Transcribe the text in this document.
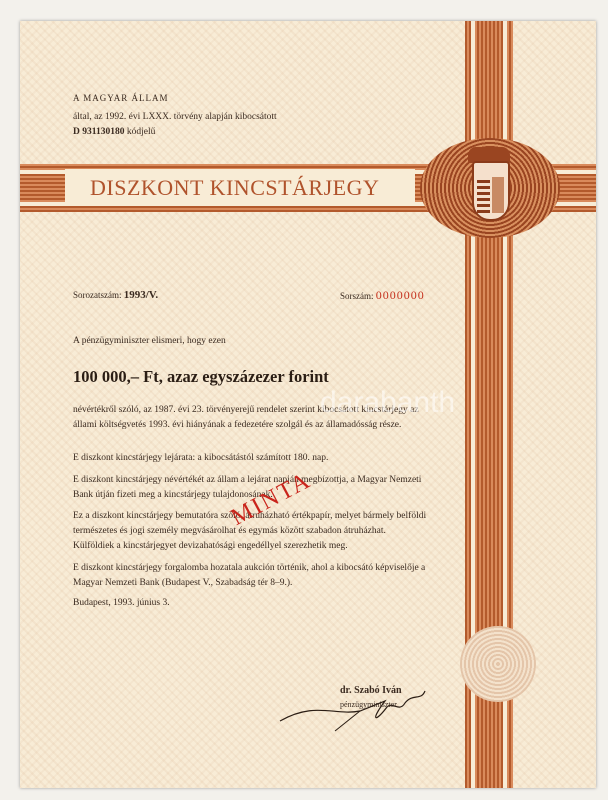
A MAGYAR ÁLLAM
által, az 1992. évi LXXX. törvény alapján kibocsátott
D 931130180 kódjelű
DISZKONT KINCSTÁRJEGY
Sorozatszám: 1993/V.	Sorszám: 0000000
A pénzügyminiszter elismeri, hogy ezen
100 000,– Ft, azaz egyszázezer forint

névértékről szóló, az 1987. évi 23. törvényerejű rendelet szerint kibocsátott kincstárjegy az állami költségvetés 1993. évi hiányának a fedezetére szolgál és az államadósság része.

E diszkont kincstárjegy lejárata: a kibocsátástól számított 180. nap.

E diszkont kincstárjegy névértékét az állam a lejárat napján megbízottja, a Magyar Nemzeti Bank útján fizeti meg a kincstárjegy tulajdonosának.

Ez a diszkont kincstárjegy bemutatóra szóló, átruházható értékpapír, melyet bármely belföldi természetes és jogi személy megvásárolhat és egymás között szabadon átruházhat. Külföldiek a kincstárjegyet devizahatósági engedéllyel szerezhetik meg.

E diszkont kincstárjegy forgalomba hozatala aukción történik, ahol a kibocsátó képviselője a Magyar Nemzeti Bank (Budapest V., Szabadság tér 8–9.).

Budapest, 1993. június 3.
MINTA
darabanth
dr. Szabó Iván
pénzügyminiszter
